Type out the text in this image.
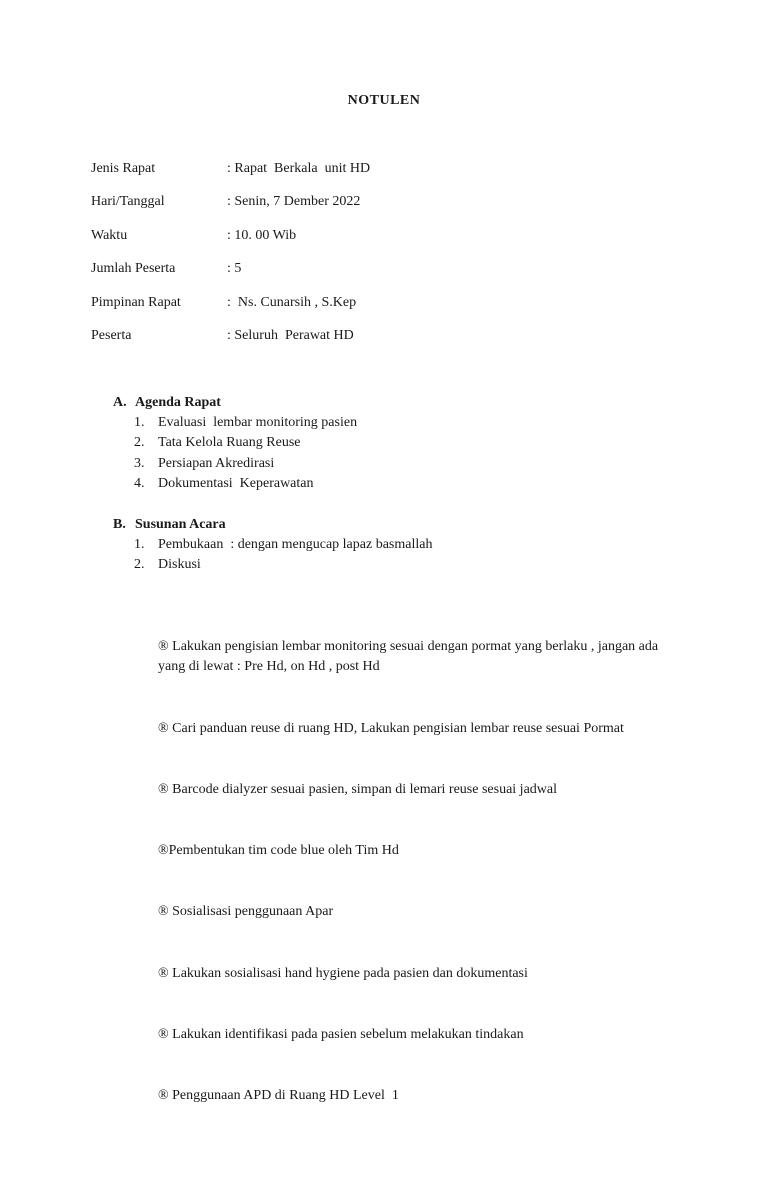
NOTULEN
Jenis Rapat	: Rapat  Berkala  unit HD
Hari/Tanggal	: Senin, 7 Dember 2022
Waktu	: 10. 00 Wib
Jumlah Peserta	: 5
Pimpinan Rapat	:  Ns. Cunarsih , S.Kep
Peserta	: Seluruh  Perawat HD
A. Agenda Rapat
1. Evaluasi  lembar monitoring pasien
2. Tata Kelola Ruang Reuse
3. Persiapan Akredirasi
4. Dokumentasi  Keperawatan
B. Susunan Acara
1. Pembukaan  : dengan mengucap lapaz basmallah
2. Diskusi

® Lakukan pengisian lembar monitoring sesuai dengan pormat yang berlaku , jangan ada yang di lewat : Pre Hd, on Hd , post Hd

® Cari panduan reuse di ruang HD, Lakukan pengisian lembar reuse sesuai Pormat

® Barcode dialyzer sesuai pasien, simpan di lemari reuse sesuai jadwal

®Pembentukan tim code blue oleh Tim Hd

® Sosialisasi penggunaan Apar

® Lakukan sosialisasi hand hygiene pada pasien dan dokumentasi

® Lakukan identifikasi pada pasien sebelum melakukan tindakan

® Penggunaan APD di Ruang HD Level  1
